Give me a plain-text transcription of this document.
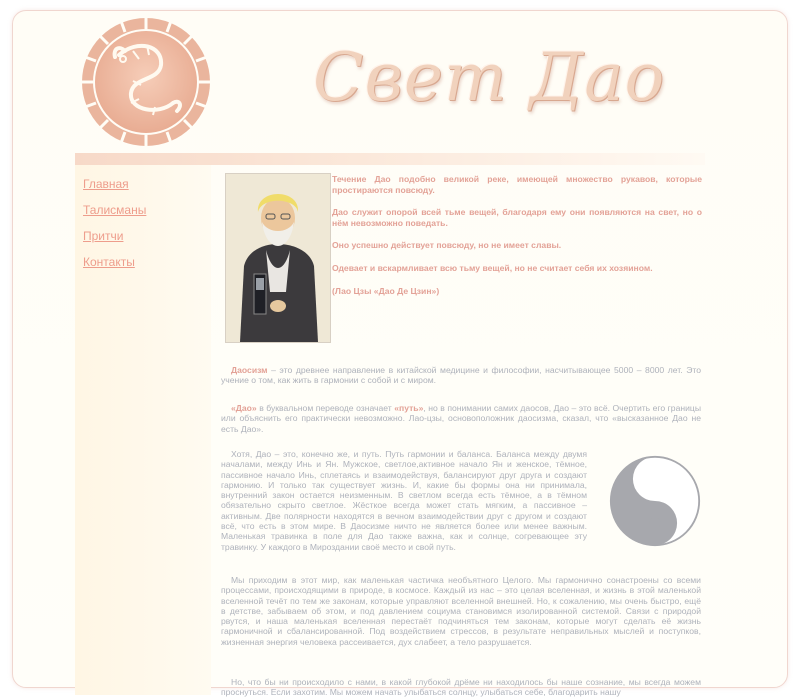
Свет Дао
Главная
Талисманы
Притчи
Контакты

Течение Дао подобно великой реке, имеющей множество рукавов, которые простираются повсюду.

Дао служит опорой всей тьме вещей, благодаря ему они появляются на свет, но о нём невозможно поведать.

Оно успешно действует повсюду, но не имеет славы.

Одевает и вскармливает всю тьму вещей, но не считает себя их хозяином.

(Лао Цзы «Дао Де Цзин»)

Даосизм – это древнее направление в китайской медицине и философии, насчитывающее 5000 – 8000 лет. Это учение о том, как жить в гармонии с собой и с миром.

«Дао» в буквальном переводе означает «путь», но в понимании самих даосов, Дао – это всё. Очертить его границы или объяснить его практически невозможно. Лао-цзы, основоположник даосизма, сказал, что «высказанное Дао не есть Дао».

Хотя, Дао – это, конечно же, и путь. Путь гармонии и баланса. Баланса между двумя началами, между Инь и Ян. Мужское, светлое,активное начало Ян и женское, тёмное, пассивное начало Инь, сплетаясь и взаимодействуя, балансируют друг друга и создают гармонию. И только так существует жизнь. И, какие бы формы она ни принимала, внутренний закон остается неизменным. В светлом всегда есть тёмное, а в тёмном обязательно скрыто светлое. Жёсткое всегда может стать мягким, а пассивное – активным. Две полярности находятся в вечном взаимодействии друг с другом и создают всё, что есть в этом мире. В Даосизме ничто не является более или менее важным. Маленькая травинка в поле для Дао также важна, как и солнце, согревающее эту травинку. У каждого в Мироздании своё место и свой путь.

Мы приходим в этот мир, как маленькая частичка необъятного Целого. Мы гармонично сонастроены со всеми процессами, происходящими в природе, в космосе. Каждый из нас – это целая вселенная, и жизнь в этой маленькой вселенной течёт по тем же законам, которые управляют вселенной внешней. Но, к сожалению, мы очень быстро, ещё в детстве, забываем об этом, и под давлением социума становимся изолированной системой. Связи с природой рвутся, и наша маленькая вселенная перестаёт подчиняться тем законам, которые могут сделать её жизнь гармоничной и сбалансированной. Под воздействием стрессов, в результате неправильных мыслей и поступков, жизненная энергия человека рассеивается, дух слабеет, а тело разрушается.

Но, что бы ни происходило с нами, в какой глубокой дрёме ни находилось бы наше сознание, мы всегда можем проснуться. Если захотим. Мы можем начать улыбаться солнцу, улыбаться себе, благодарить нашу
